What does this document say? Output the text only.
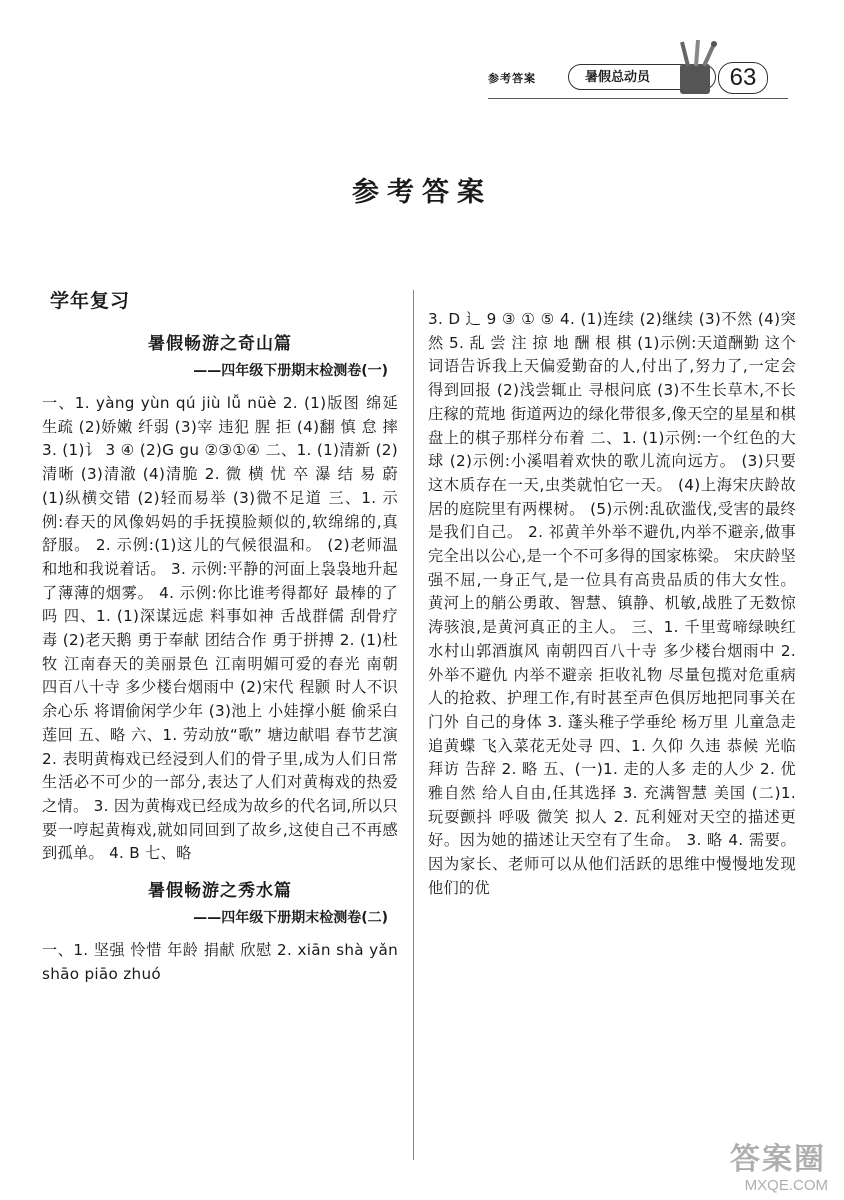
参考答案	暑假总动员	63
参考答案
学年复习
暑假畅游之奇山篇
——四年级下册期末检测卷(一)

一、1. yàng yùn qú jiù lǚ nüè 2. (1)版图 绵延 生疏 (2)娇嫩 纤弱 (3)宰 违犯 腥 拒 (4)翻 慎 怠 摔 3. (1)讠 3 ④ (2)G gu ②③①④ 二、1. (1)清新 (2)清晰 (3)清澈 (4)清脆 2. 微 横 忧 卒 瀑 结 易 蔚 (1)纵横交错 (2)轻而易举 (3)微不足道 三、1. 示例:春天的风像妈妈的手抚摸脸颊似的,软绵绵的,真舒服。 2. 示例:(1)这儿的气候很温和。 (2)老师温和地和我说着话。 3. 示例:平静的河面上袅袅地升起了薄薄的烟雾。 4. 示例:你比谁考得都好 最棒的了吗 四、1. (1)深谋远虑 料事如神 舌战群儒 刮骨疗毒 (2)老天鹅 勇于奉献 团结合作 勇于拼搏 2. (1)杜牧 江南春天的美丽景色 江南明媚可爱的春光 南朝四百八十寺 多少楼台烟雨中 (2)宋代 程颢 时人不识余心乐 将谓偷闲学少年 (3)池上 小娃撑小艇 偷采白莲回 五、略 六、1. 劳动放“歌” 塘边献唱 春节艺演 2. 表明黄梅戏已经浸到人们的骨子里,成为人们日常生活必不可少的一部分,表达了人们对黄梅戏的热爱之情。 3. 因为黄梅戏已经成为故乡的代名词,所以只要一哼起黄梅戏,就如同回到了故乡,这使自己不再感到孤单。 4. B 七、略

暑假畅游之秀水篇
——四年级下册期末检测卷(二)

一、1. 坚强 怜惜 年龄 捐献 欣慰 2. xiān shà yǎn shāo piāo zhuó

3. D 辶 9 ③ ① ⑤ 4. (1)连续 (2)继续 (3)不然 (4)突然 5. 乱 尝 注 掠 地 酬 根 棋 (1)示例:天道酬勤 这个词语告诉我上天偏爱勤奋的人,付出了,努力了,一定会得到回报 (2)浅尝辄止 寻根问底 (3)不生长草木,不长庄稼的荒地 街道两边的绿化带很多,像天空的星星和棋盘上的棋子那样分布着 二、1. (1)示例:一个红色的大球 (2)示例:小溪唱着欢快的歌儿流向远方。 (3)只要这木质存在一天,虫类就怕它一天。 (4)上海宋庆龄故居的庭院里有两棵树。 (5)示例:乱砍滥伐,受害的最终是我们自己。 2. 祁黄羊外举不避仇,内举不避亲,做事完全出以公心,是一个不可多得的国家栋梁。 宋庆龄坚强不屈,一身正气,是一位具有高贵品质的伟大女性。 黄河上的艄公勇敢、智慧、镇静、机敏,战胜了无数惊涛骇浪,是黄河真正的主人。 三、1. 千里莺啼绿映红 水村山郭酒旗风 南朝四百八十寺 多少楼台烟雨中 2. 外举不避仇 内举不避亲 拒收礼物 尽量包揽对危重病人的抢救、护理工作,有时甚至声色俱厉地把同事关在门外 自己的身体 3. 蓬头稚子学垂纶 杨万里 儿童急走追黄蝶 飞入菜花无处寻 四、1. 久仰 久违 恭候 光临 拜访 告辞 2. 略 五、(一)1. 走的人多 走的人少 2. 优雅自然 给人自由,任其选择 3. 充满智慧 美国 (二)1. 玩耍颤抖 呼吸 微笑 拟人 2. 瓦利娅对天空的描述更好。因为她的描述让天空有了生命。 3. 略 4. 需要。因为家长、老师可以从他们活跃的思维中慢慢地发现他们的优

答案圈
MXQE.COM
